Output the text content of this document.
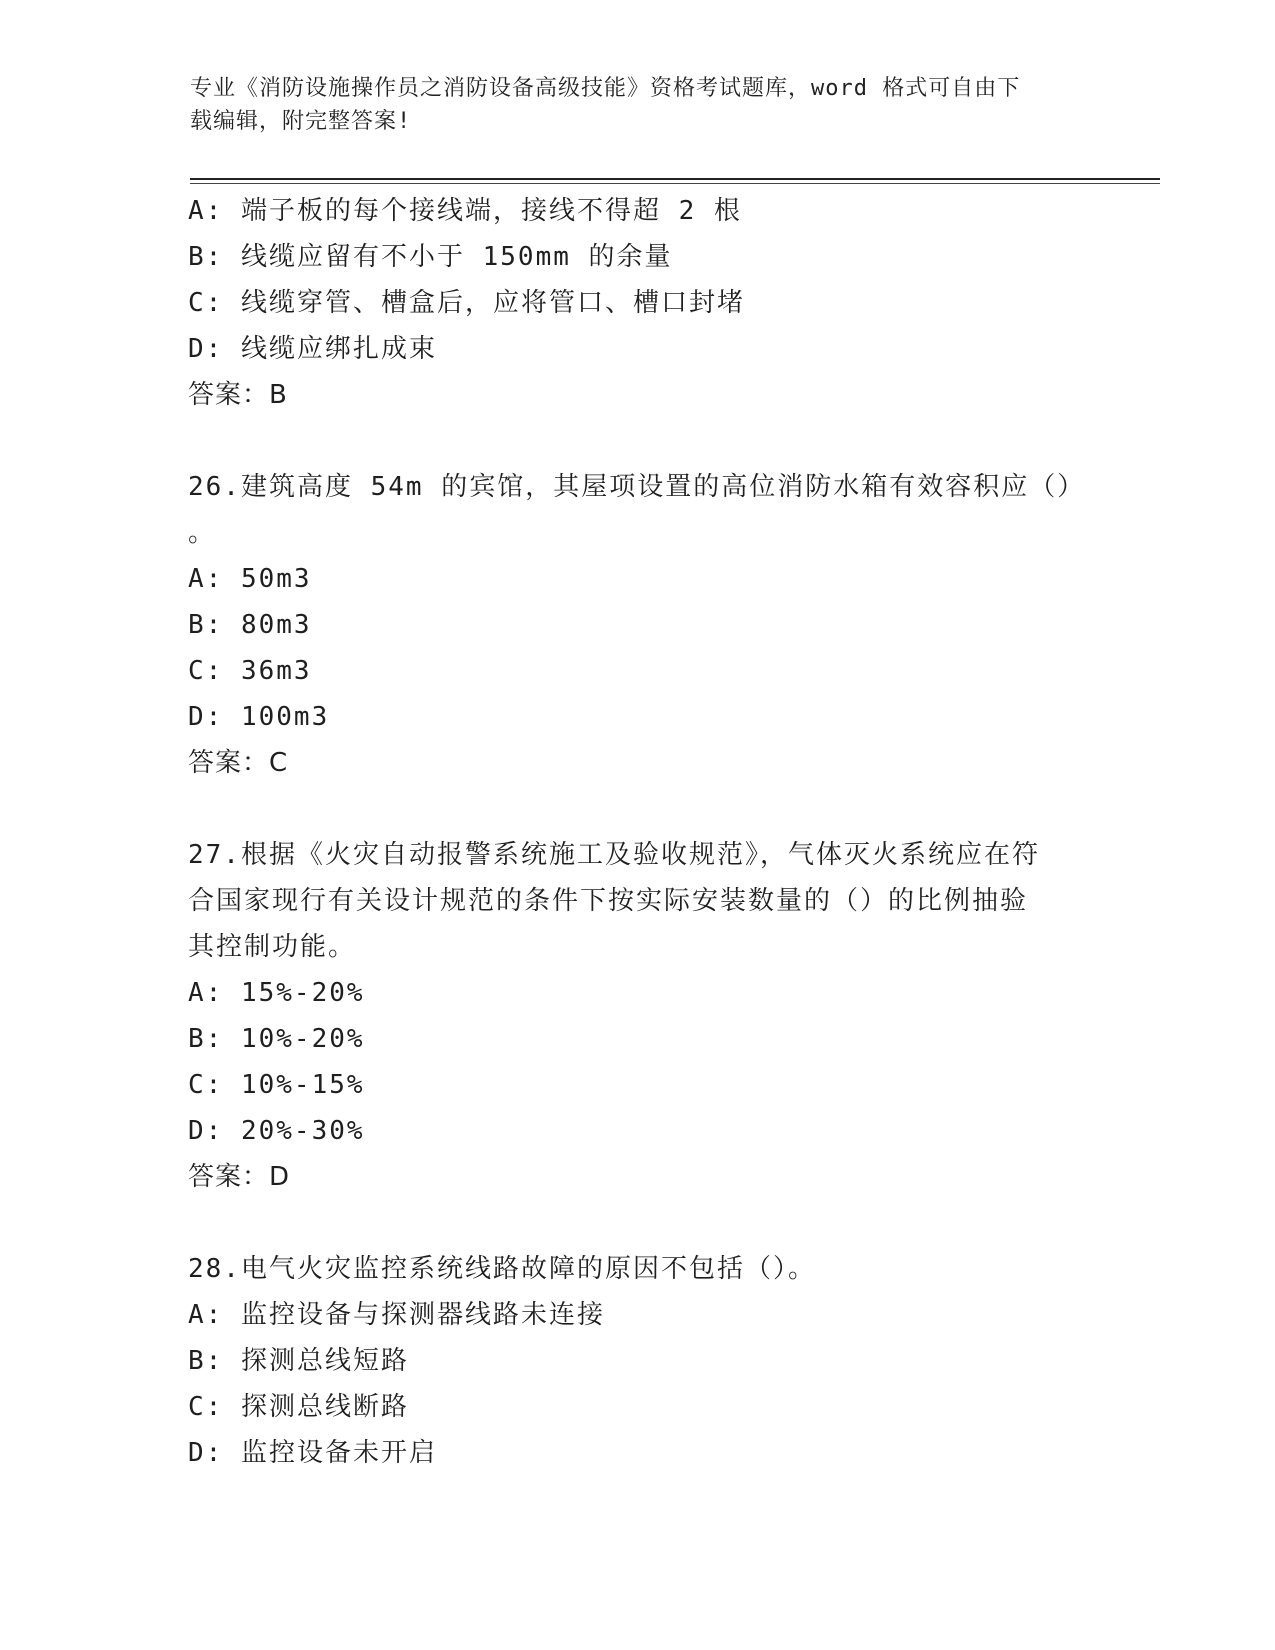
专业《消防设施操作员之消防设备高级技能》资格考试题库，word 格式可自由下
载编辑，附完整答案!
A: 端子板的每个接线端，接线不得超 2 根
B: 线缆应留有不小于 150mm 的余量
C: 线缆穿管、槽盒后，应将管口、槽口封堵
D: 线缆应绑扎成束
答案：B
26.建筑高度 54m 的宾馆，其屋项设置的高位消防水箱有效容积应（）
。
A: 50m3
B: 80m3
C: 36m3
D: 100m3
答案：C
27.根据《火灾自动报警系统施工及验收规范》，气体灭火系统应在符
合国家现行有关设计规范的条件下按实际安装数量的（）的比例抽验
其控制功能。
A: 15%-20%
B: 10%-20%
C: 10%-15%
D: 20%-30%
答案：D
28.电气火灾监控系统线路故障的原因不包括（）。
A: 监控设备与探测器线路未连接
B: 探测总线短路
C: 探测总线断路
D: 监控设备未开启
